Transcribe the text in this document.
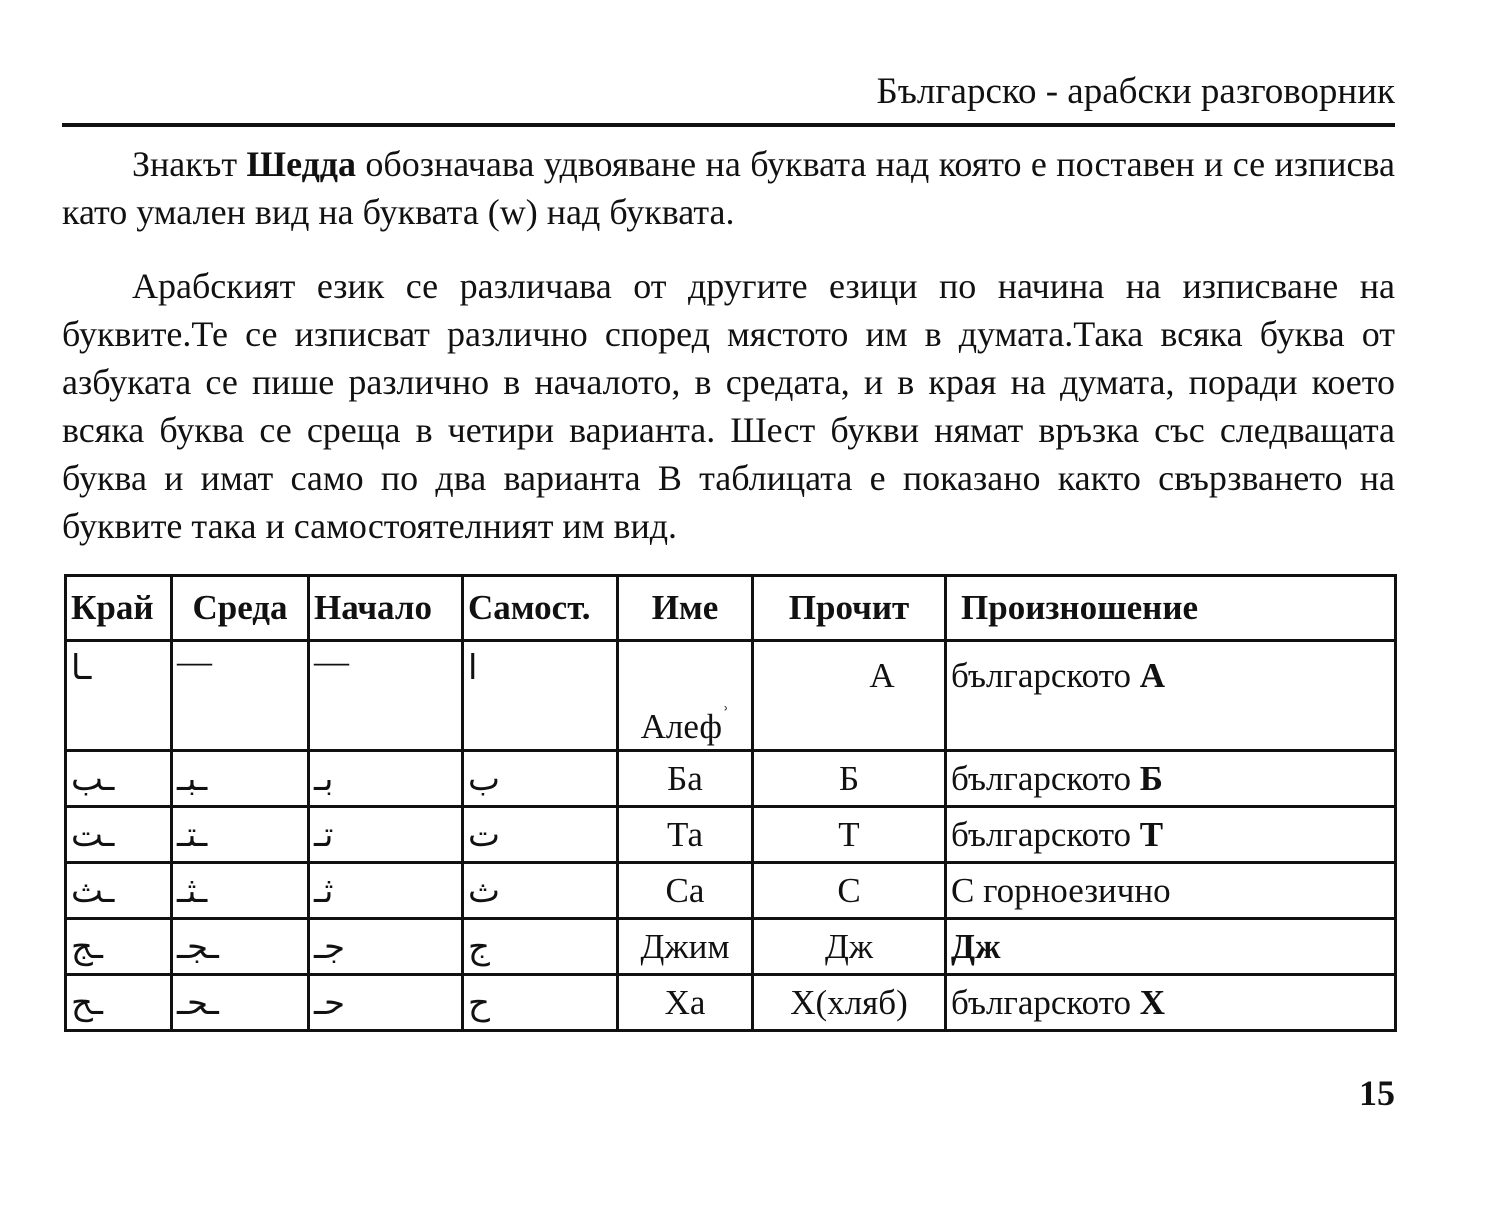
Българско - арабски разговорник

Знакът Шедда обозначава удвояване на буквата над която е поставен и се изписва като умален вид на буквата (w) над буквата.

Арабският език се различава от другите езици по начина на изписване на буквите.Те се изписват различно според мястото им в думата.Така всяка буква от азбуката се пише различно в началото, в средата, и в края на думата, поради което всяка буква се среща в четири варианта. Шест букви нямат връзка със следващата буква и имат само по два варианта В таблицата е показано както свързването на буквите така и самостоятелният им вид.

Край	Среда	Начало	Самост.	Име	Прочит	Произношение
ـا	—	—	ا	Алеф$^ʾ$	А	българското А
ـب	ـبـ	بـ	ب	Ба	Б	българското Б
ـت	ـتـ	تـ	ت	Та	Т	българското Т
ـث	ـثـ	ثـ	ث	Са	С	С горноезично
ـج	ـجـ	جـ	ج	Джим	Дж	Дж
ـح	ـحـ	حـ	ح	Ха	Х(хляб)	българското Х
15
